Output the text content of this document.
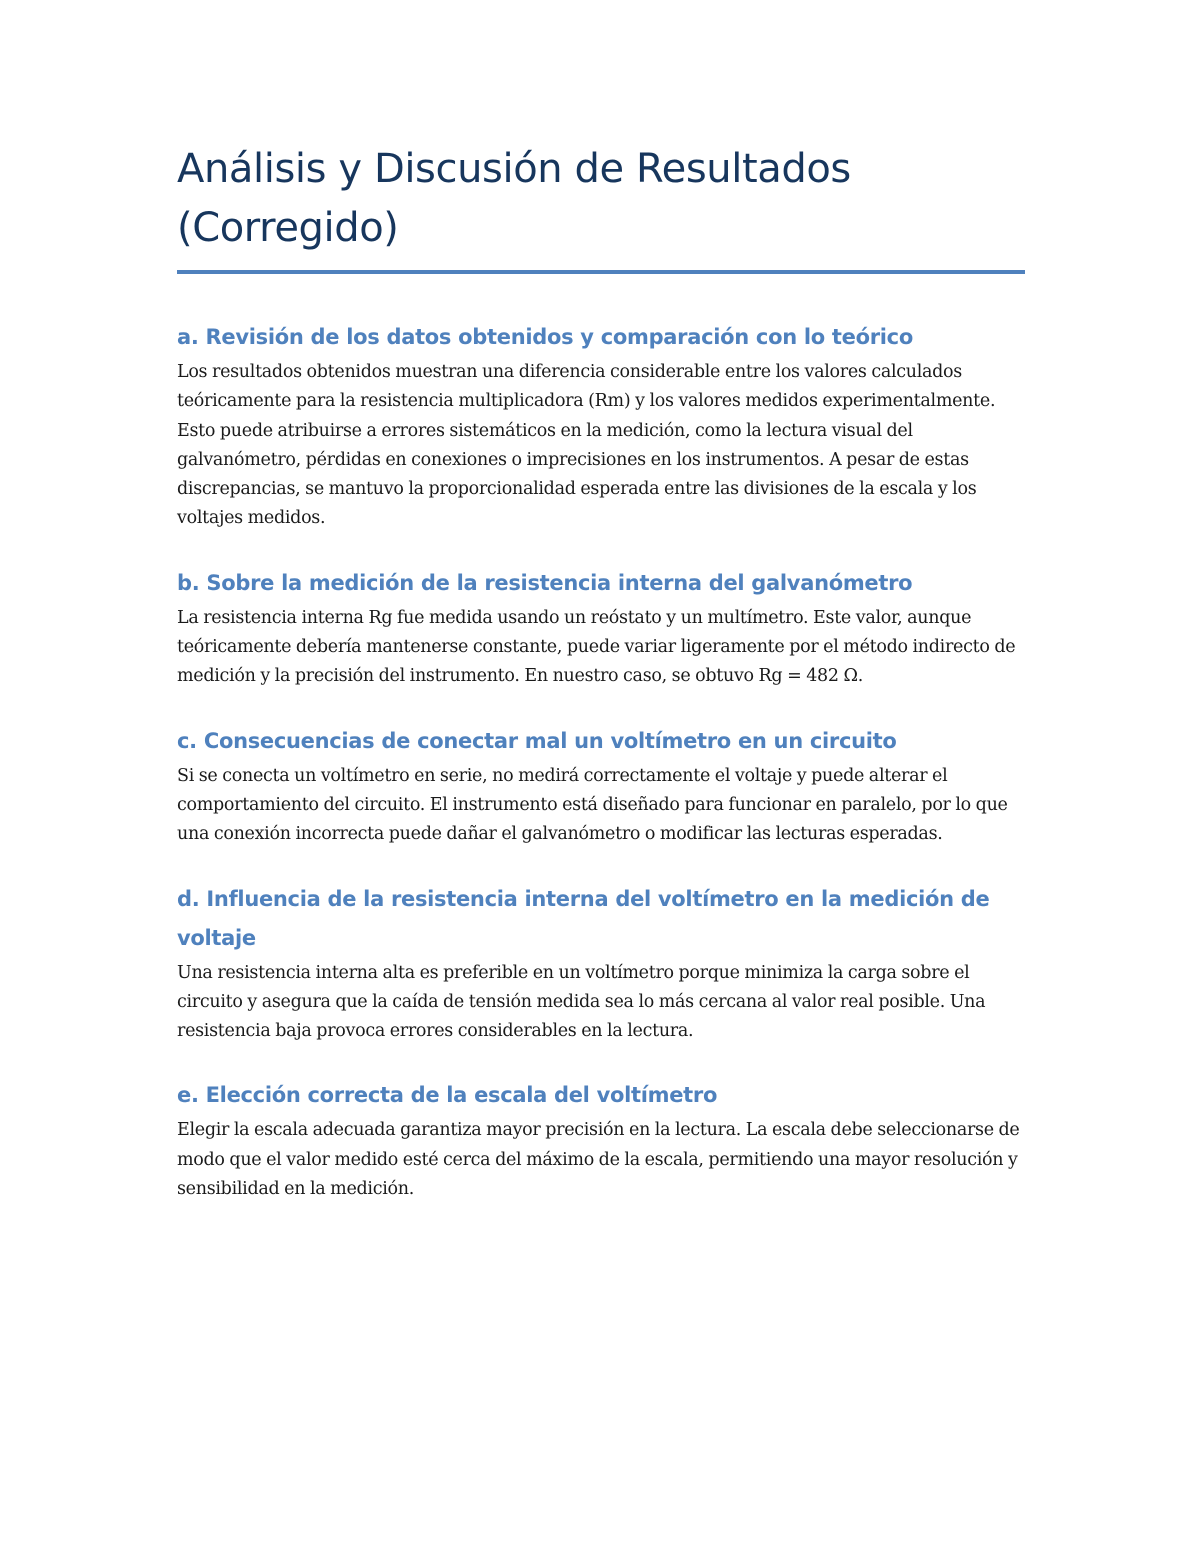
Análisis y Discusión de Resultados (Corregido)
a. Revisión de los datos obtenidos y comparación con lo teórico

Los resultados obtenidos muestran una diferencia considerable entre los valores calculados teóricamente para la resistencia multiplicadora (Rm) y los valores medidos experimentalmente. Esto puede atribuirse a errores sistemáticos en la medición, como la lectura visual del galvanómetro, pérdidas en conexiones o imprecisiones en los instrumentos. A pesar de estas discrepancias, se mantuvo la proporcionalidad esperada entre las divisiones de la escala y los voltajes medidos.

b. Sobre la medición de la resistencia interna del galvanómetro

La resistencia interna Rg fue medida usando un reóstato y un multímetro. Este valor, aunque teóricamente debería mantenerse constante, puede variar ligeramente por el método indirecto de medición y la precisión del instrumento. En nuestro caso, se obtuvo Rg = 482 Ω.

c. Consecuencias de conectar mal un voltímetro en un circuito

Si se conecta un voltímetro en serie, no medirá correctamente el voltaje y puede alterar el comportamiento del circuito. El instrumento está diseñado para funcionar en paralelo, por lo que una conexión incorrecta puede dañar el galvanómetro o modificar las lecturas esperadas.

d. Influencia de la resistencia interna del voltímetro en la medición de voltaje

Una resistencia interna alta es preferible en un voltímetro porque minimiza la carga sobre el circuito y asegura que la caída de tensión medida sea lo más cercana al valor real posible. Una resistencia baja provoca errores considerables en la lectura.

e. Elección correcta de la escala del voltímetro

Elegir la escala adecuada garantiza mayor precisión en la lectura. La escala debe seleccionarse de modo que el valor medido esté cerca del máximo de la escala, permitiendo una mayor resolución y sensibilidad en la medición.
